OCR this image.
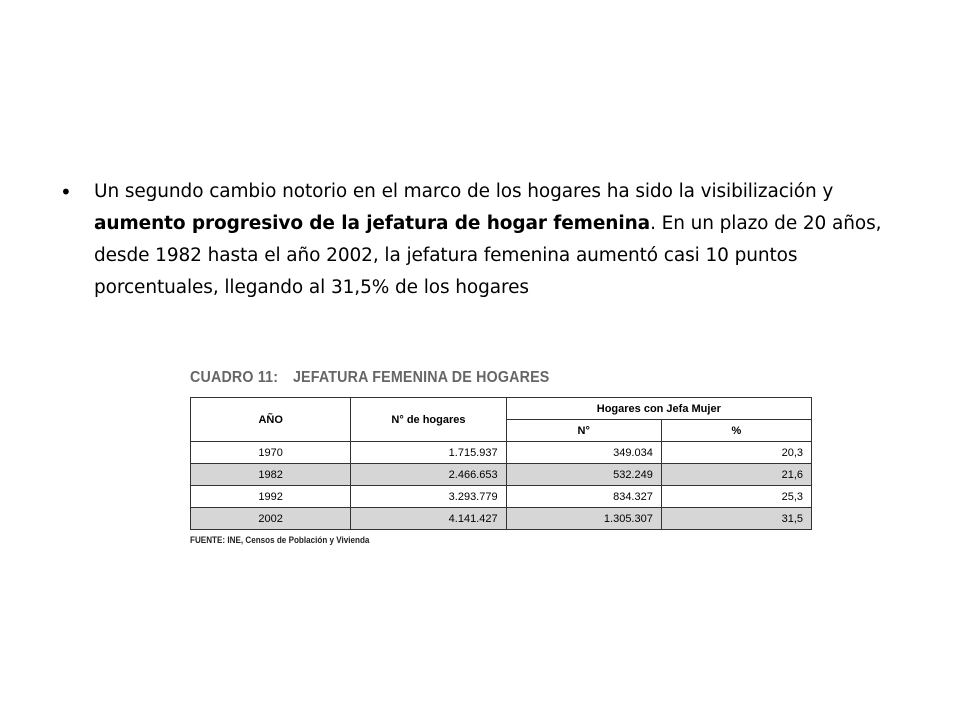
•	Un segundo cambio notorio en el marco de los hogares ha sido la visibilización y aumento progresivo de la jefatura de hogar femenina. En un plazo de 20 años, desde 1982 hasta el año 2002, la jefatura femenina aumentó casi 10 puntos porcentuales, llegando al 31,5% de los hogares
CUADRO 11: JEFATURA FEMENINA DE HOGARES
AÑO	N° de hogares	Hogares con Jefa Mujer	
		N°	%
1970	1.715.937	349.034	20,3
1982	2.466.653	532.249	21,6
1992	3.293.779	834.327	25,3
2002	4.141.427	1.305.307	31,5
FUENTE: INE, Censos de Población y Vivienda
